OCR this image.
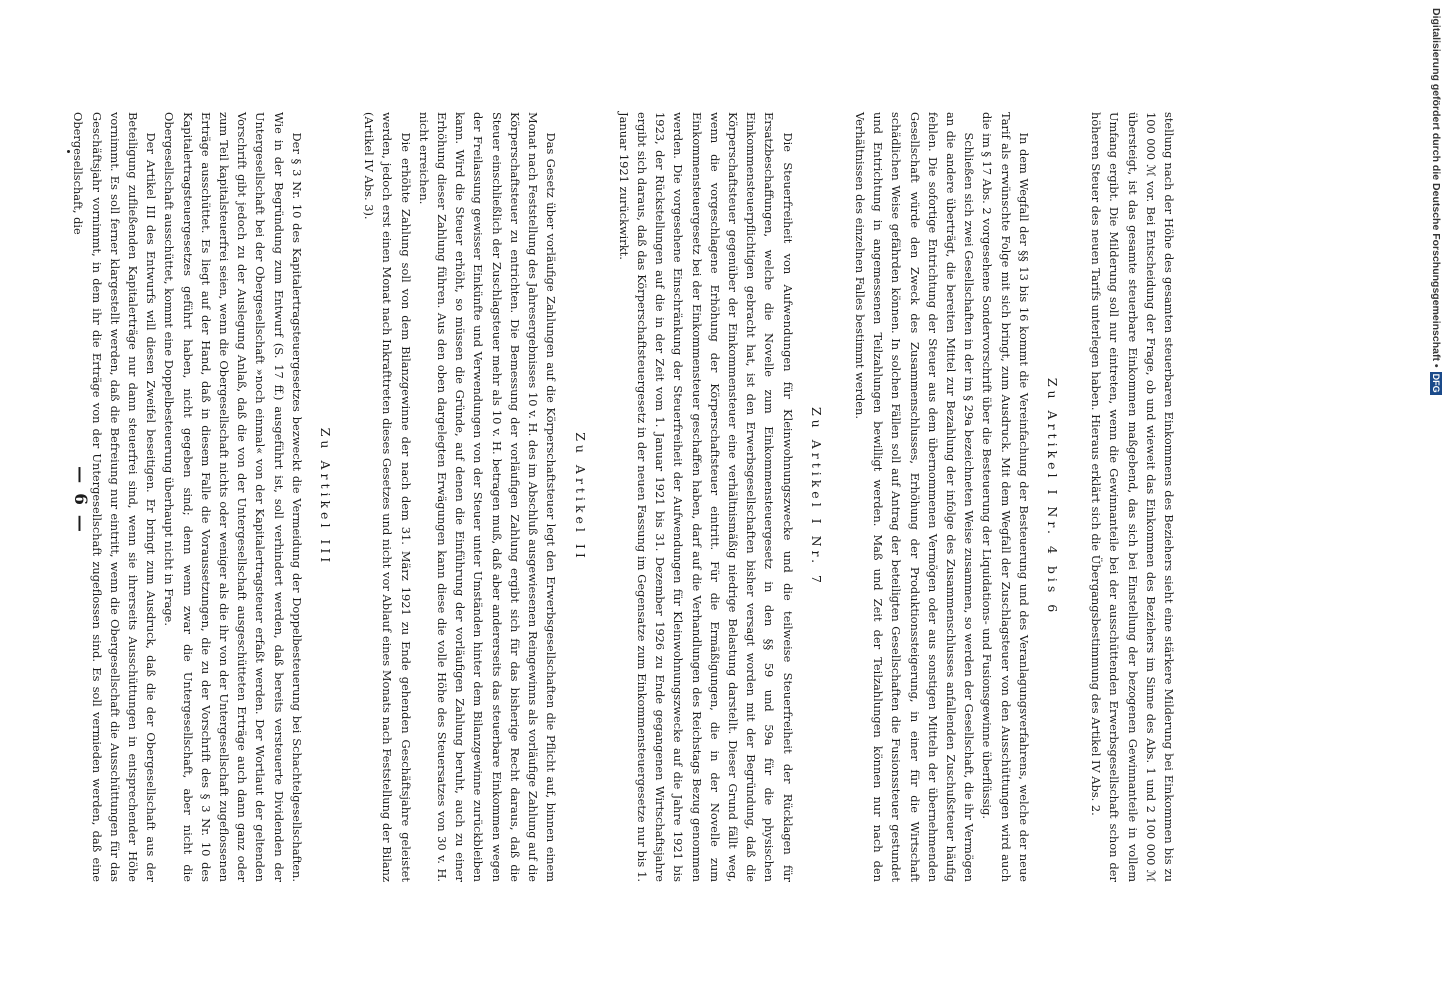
stellung nach der Höhe des gesamten steuerbaren Einkommens des Beziehers sieht eine stärkere Milderung bei Einkommen bis zu 100 000 ℳ vor. Bei Entscheidung der Frage, ob und wieweit das Einkommen des Beziehers im Sinne des Abs. 1 und 2 100 000 ℳ übersteigt, ist das gesamte steuerbare Einkommen maßgebend, das sich bei Einstellung der bezogenen Gewinnanteile in vollem Umfang ergibt. Die Milderung soll nur eintreten, wenn die Gewinnanteile bei der ausschüttenden Erwerbsgesellschaft schon der höheren Steuer des neuen Tarifs unterlegen haben. Hieraus erklärt sich die Übergangsbestimmung des Artikel IV Abs. 2.

Zu Artikel I Nr. 4 bis 6

In dem Wegfall der §§ 13 bis 16 kommt die Vereinfachung der Besteuerung und des Veranlagungsverfahrens, welche der neue Tarif als erwünschte Folge mit sich bringt, zum Ausdruck. Mit dem Wegfall der Zuschlagsteuer von den Ausschüttungen wird auch die im § 17 Abs. 2 vorgesehene Sondervorschrift über die Besteuerung der Liquidations- und Fusionsgewinne überflüssig.

Schließen sich zwei Gesellschaften in der im § 29a bezeichneten Weise zusammen, so werden der Gesellschaft, die ihr Vermögen an die andere überträgt, die bereiten Mittel zur Bezahlung der infolge des Zusammenschlusses anfallenden Zuschußsteuer häufig fehlen. Die sofortige Entrichtung der Steuer aus dem übernommenen Vermögen oder aus sonstigen Mitteln der übernehmenden Gesellschaft würde den Zweck des Zusammenschlusses, Erhöhung der Produktionssteigerung, in einer für die Wirtschaft schädlichen Weise gefährden können. In solchen Fällen soll auf Antrag der beteiligten Gesellschaften die Fusionssteuer gestundet und Entrichtung in angemessenen Teilzahlungen bewilligt werden. Maß und Zeit der Teilzahlungen können nur nach den Verhältnissen des einzelnen Falles bestimmt werden.

Zu Artikel I Nr. 7

Die Steuerfreiheit von Aufwendungen für Kleinwohnungszwecke und die teilweise Steuerfreiheit der Rücklagen für Ersatzbeschaffungen, welche die Novelle zum Einkommensteuergesetz in den §§ 59 und 59a für die physischen Einkommensteuerpflichtigen gebracht hat, ist den Erwerbsgesellschaften bisher versagt worden mit der Begründung, daß die Körperschaftsteuer gegenüber der Einkommensteuer eine verhältnismäßig niedrige Belastung darstellt. Dieser Grund fällt weg, wenn die vorgeschlagene Erhöhung der Körperschaftsteuer eintritt. Für die Ermäßigungen, die in der Novelle zum Einkommensteuergesetz bei der Einkommensteuer geschaffen haben, darf auf die Verhandlungen des Reichstags Bezug genommen werden. Die vorgesehene Einschränkung der Steuerfreiheit der Aufwendungen für Kleinwohnungszwecke auf die Jahre 1921 bis 1923, der Rückstellungen auf die in der Zeit vom 1. Januar 1921 bis 31. Dezember 1926 zu Ende gegangenen Wirtschaftsjahre ergibt sich daraus, daß das Körperschaftsteuergesetz in der neuen Fassung im Gegensatze zum Einkommensteuergesetze nur bis 1. Januar 1921 zurückwirkt.

Zu Artikel II

Das Gesetz über vorläufige Zahlungen auf die Körperschaftsteuer legt den Erwerbsgesellschaften die Pflicht auf, binnen einem Monat nach Feststellung des Jahresergebnisses 10 v. H. des im Abschluß ausgewiesenen Reingewinns als vorläufige Zahlung auf die Körperschaftsteuer zu entrichten. Die Bemessung der vorläufigen Zahlung ergibt sich für das bisherige Recht daraus, daß die Steuer einschließlich der Zuschlagsteuer mehr als 10 v. H. betragen muß, daß aber andererseits das steuerbare Einkommen wegen der Freilassung gewisser Einkünfte und Verwendungen von der Steuer unter Umständen hinter dem Bilanzgewinne zurückbleiben kann. Wird die Steuer erhöht, so müssen die Gründe, auf denen die Einführung der vorläufigen Zahlung beruht, auch zu einer Erhöhung dieser Zahlung führen. Aus den oben dargelegten Erwägungen kann diese die volle Höhe des Steuersatzes von 30 v. H. nicht erreichen.

Die erhöhte Zahlung soll von dem Bilanzgewinne der nach dem 31. März 1921 zu Ende gehenden Geschäftsjahre geleistet werden, jedoch erst einen Monat nach Inkrafttreten dieses Gesetzes und nicht vor Ablauf eines Monats nach Feststellung der Bilanz (Artikel IV Abs. 3).

Zu Artikel III

Der § 3 Nr. 10 des Kapitalertragsteuergesetzes bezweckt die Vermeidung der Doppelbesteuerung bei Schachtelgesellschaften. Wie in der Begründung zum Entwurf (S. 17 ff.) ausgeführt ist, soll verhindert werden, daß bereits versteuerte Dividenden der Untergesellschaft bei der Obergesellschaft »noch einmal« von der Kapitalertragsteuer erfaßt werden. Der Wortlaut der geltenden Vorschrift gibt jedoch zu der Auslegung Anlaß, daß die von der Untergesellschaft ausgeschütteten Erträge auch dann ganz oder zum Teil kapitalsteuerfrei seien, wenn die Obergesellschaft nichts oder weniger als die ihr von der Untergesellschaft zugeflossenen Erträge ausschüttet. Es liegt auf der Hand, daß in diesem Falle die Voraussetzungen, die zu der Vorschrift des § 3 Nr. 10 des Kapitalertragsteuergesetzes geführt haben, nicht gegeben sind; denn wenn zwar die Untergesellschaft, aber nicht die Obergesellschaft ausschüttet, kommt eine Doppelbesteuerung überhaupt nicht in Frage.

Der Artikel III des Entwurfs will diesen Zweifel beseitigen. Er bringt zum Ausdruck, daß die der Obergesellschaft aus der Beteiligung zufließenden Kapitalerträge nur dann steuerfrei sind, wenn sie ihrerseits Ausschüttungen in entsprechender Höhe vornimmt. Es soll ferner klargestellt werden, daß die Befreiung nur eintritt, wenn die Obergesellschaft die Ausschüttungen für das Geschäftsjahr vornimmt, in dem ihr die Erträge von der Untergesellschaft zugeflossen sind. Es soll vermieden werden, daß eine Obergesellschaft, die

— 6 —
Digitalisierung gefördert durch die Deutsche Forschungsgemeinschaft •
DFG
